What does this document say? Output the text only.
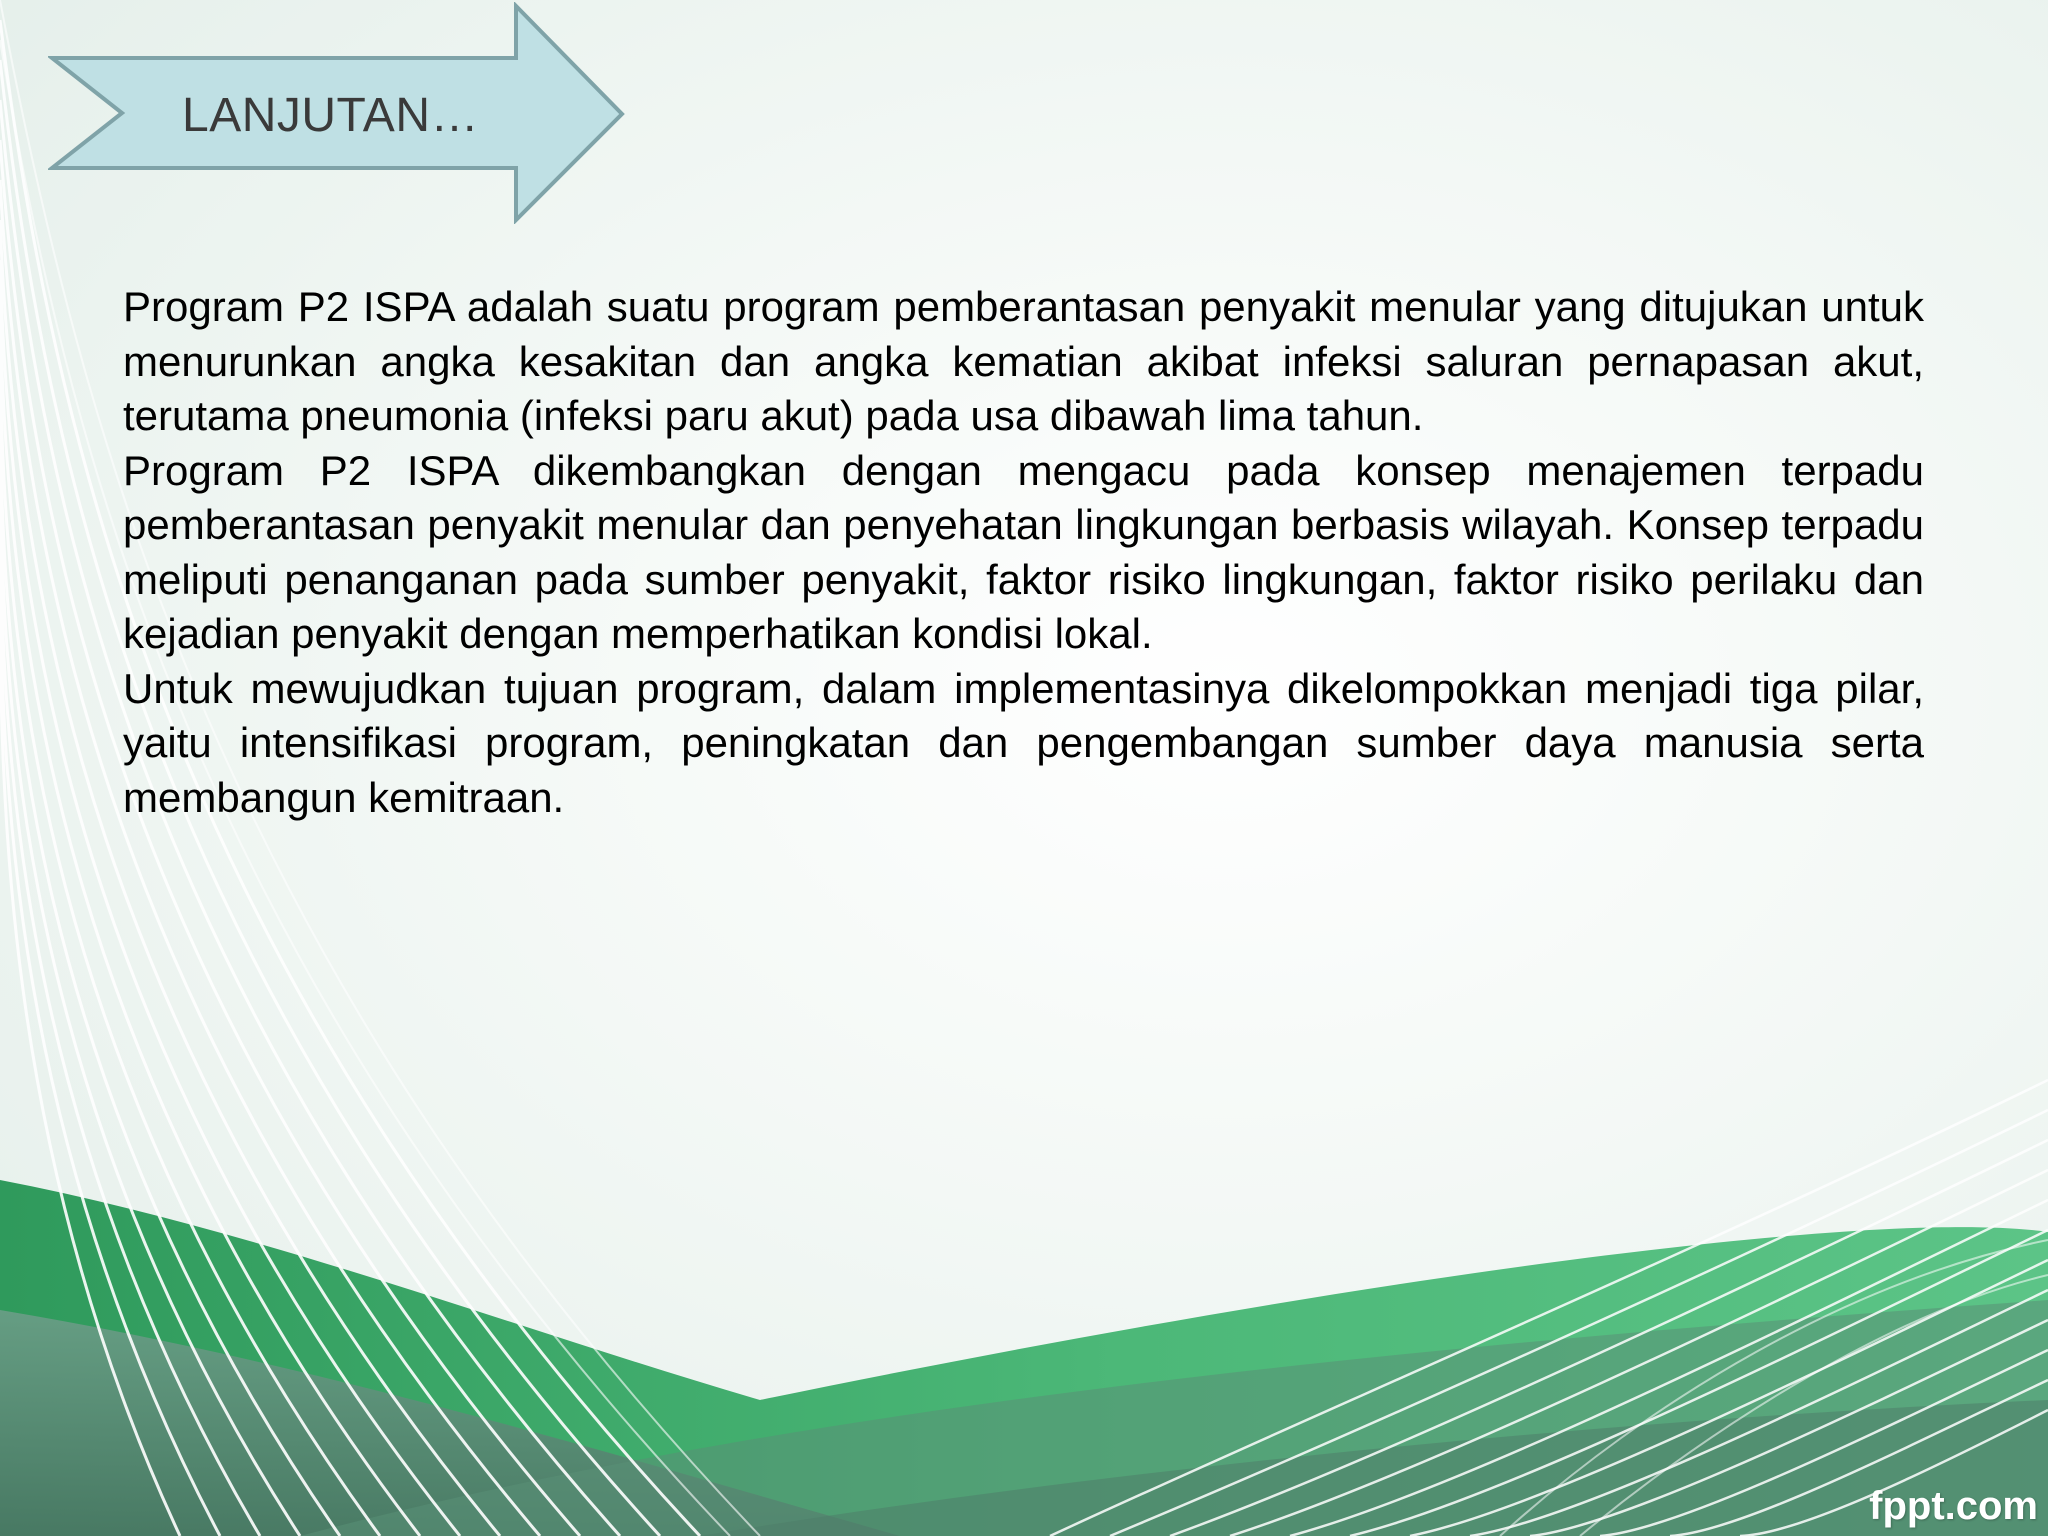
LANJUTAN…

Program P2 ISPA adalah suatu program pemberantasan penyakit menular yang ditujukan untuk menurunkan angka kesakitan dan angka kematian akibat infeksi saluran pernapasan akut, terutama pneumonia (infeksi paru akut) pada usa dibawah lima tahun.

Program P2 ISPA dikembangkan dengan mengacu pada konsep menajemen terpadu pemberantasan penyakit menular dan penyehatan lingkungan berbasis wilayah. Konsep terpadu meliputi penanganan pada sumber penyakit, faktor risiko lingkungan, faktor risiko perilaku dan kejadian penyakit dengan memperhatikan kondisi lokal.

Untuk mewujudkan tujuan program, dalam implementasinya dikelompokkan menjadi tiga pilar, yaitu intensifikasi program, peningkatan dan pengembangan sumber daya manusia serta membangun kemitraan.

fppt.com
